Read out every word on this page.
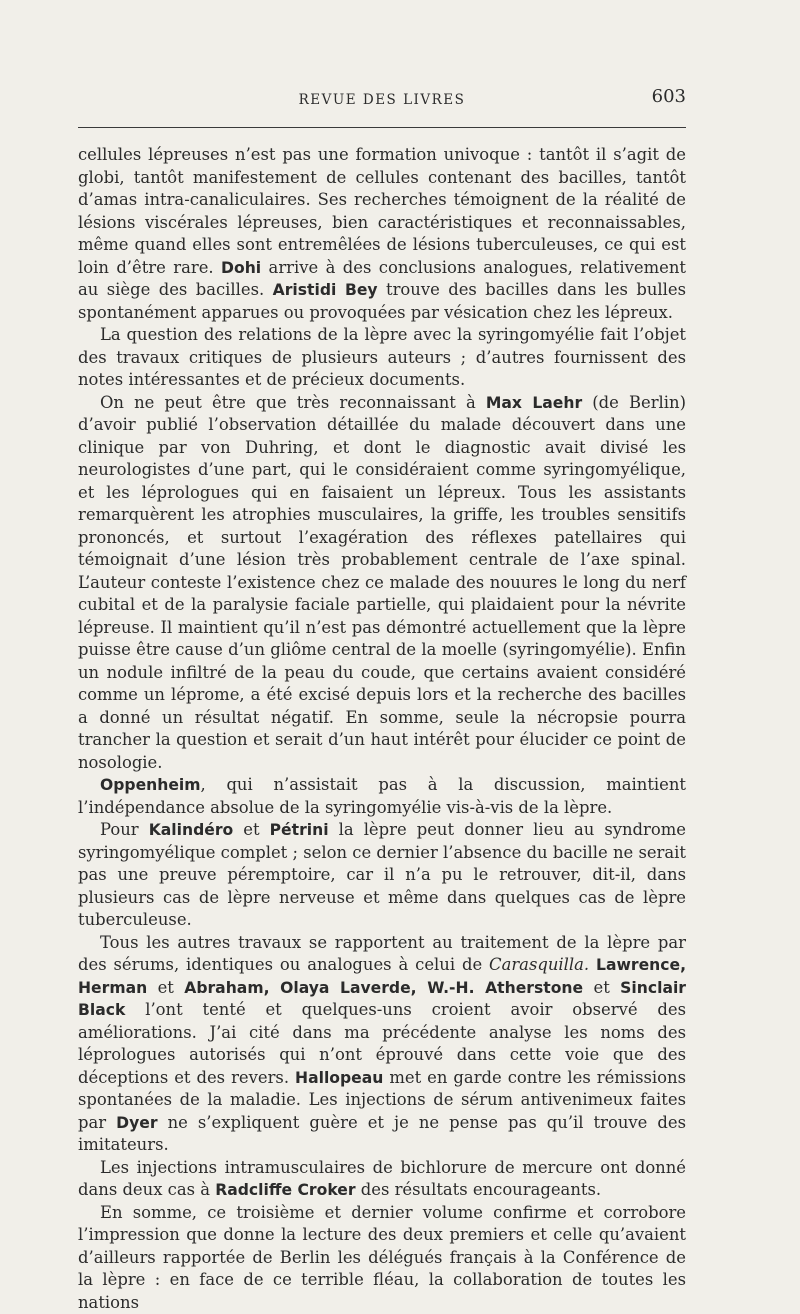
REVUE DES LIVRES	603

cellules lépreuses n’est pas une formation univoque : tantôt il s’agit de globi, tantôt manifestement de cellules contenant des bacilles, tantôt d’amas intra-canaliculaires. Ses recherches témoignent de la réalité de lésions viscérales lépreuses, bien caractéristiques et reconnaissables, même quand elles sont entremêlées de lésions tuberculeuses, ce qui est loin d’être rare. Dohi arrive à des conclusions analogues, relativement au siège des bacilles. Aristidi Bey trouve des bacilles dans les bulles spontanément apparues ou provoquées par vésication chez les lépreux.

La question des relations de la lèpre avec la syringomyélie fait l’objet des travaux critiques de plusieurs auteurs ; d’autres fournissent des notes intéressantes et de précieux documents.

On ne peut être que très reconnaissant à Max Laehr (de Berlin) d’avoir publié l’observation détaillée du malade découvert dans une clinique par von Duhring, et dont le diagnostic avait divisé les neurologistes d’une part, qui le considéraient comme syringomyélique, et les léprologues qui en faisaient un lépreux. Tous les assistants remarquèrent les atrophies musculaires, la griffe, les troubles sensitifs prononcés, et surtout l’exagération des réflexes patellaires qui témoignait d’une lésion très probablement centrale de l’axe spinal. L’auteur conteste l’existence chez ce malade des nouures le long du nerf cubital et de la paralysie faciale partielle, qui plaidaient pour la névrite lépreuse. Il maintient qu’il n’est pas démontré actuellement que la lèpre puisse être cause d’un gliôme central de la moelle (syringomyélie). Enfin un nodule infiltré de la peau du coude, que certains avaient considéré comme un lépromе, a été excisé depuis lors et la recherche des bacilles a donné un résultat négatif. En somme, seule la nécropsie pourra trancher la question et serait d’un haut intérêt pour élucider ce point de nosologie.

Oppenheim, qui n’assistait pas à la discussion, maintient l’indépendance absolue de la syringomyélie vis-à-vis de la lèpre.

Pour Kalindéro et Pétrini la lèpre peut donner lieu au syndrome syringomyélique complet ; selon ce dernier l’absence du bacille ne serait pas une preuve péremptoire, car il n’a pu le retrouver, dit-il, dans plusieurs cas de lèpre nerveuse et même dans quelques cas de lèpre tuberculeuse.

Tous les autres travaux se rapportent au traitement de la lèpre par des sérums, identiques ou analogues à celui de Carasquilla. Lawrence, Herman et Abraham, Olaya Laverde, W.-H. Atherstone et Sinclair Black l’ont tenté et quelques-uns croient avoir observé des améliorations. J’ai cité dans ma précédente analyse les noms des léprologues autorisés qui n’ont éprouvé dans cette voie que des déceptions et des revers. Hallopeau met en garde contre les rémissions spontanées de la maladie. Les injections de sérum antivenimeux faites par Dyer ne s’expliquent guère et je ne pense pas qu’il trouve des imitateurs.

Les injections intramusculaires de bichlorure de mercure ont donné dans deux cas à Radcliffe Croker des résultats encourageants.

En somme, ce troisième et dernier volume confirme et corrobore l’impression que donne la lecture des deux premiers et celle qu’avaient d’ailleurs rapportée de Berlin les délégués français à la Conférence de la lèpre : en face de ce terrible fléau, la collaboration de toutes les nations
